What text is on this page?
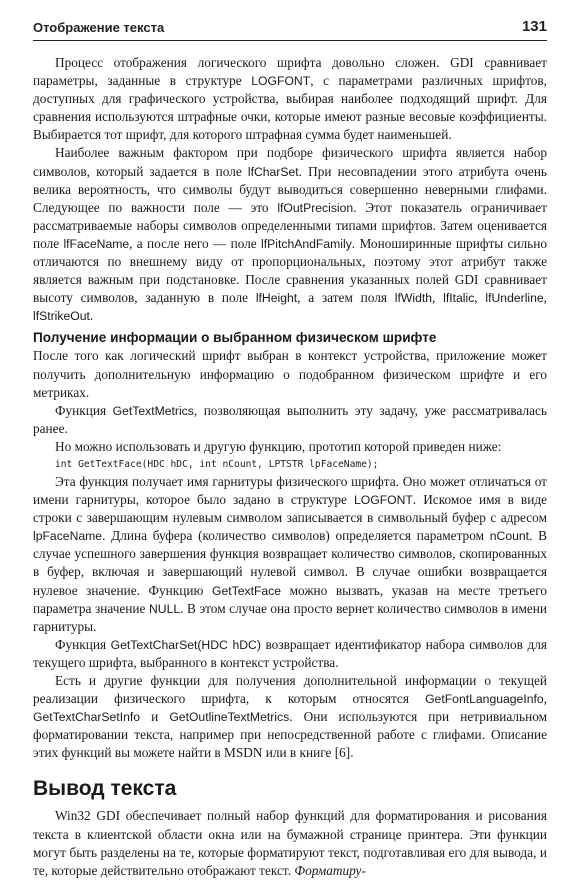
Отображение текста	131

Процесс отображения логического шрифта довольно сложен. GDI сравнивает параметры, заданные в структуре LOGFONT, с параметрами различных шрифтов, доступных для графического устройства, выбирая наиболее подходящий шрифт. Для сравнения используются штрафные очки, которые имеют разные весовые коэффициенты. Выбирается тот шрифт, для которого штрафная сумма будет наименьшей.

Наиболее важным фактором при подборе физического шрифта является набор символов, который задается в поле lfCharSet. При несовпадении этого атрибута очень велика вероятность, что символы будут выводиться совершенно неверными глифами. Следующее по важности поле — это lfOutPrecision. Этот показатель ограничивает рассматриваемые наборы символов определенными типами шрифтов. Затем оценивается поле lfFaceName, а после него — поле lfPitchAndFamily. Моноширинные шрифты сильно отличаются по внешнему виду от пропорциональных, поэтому этот атрибут также является важным при подстановке. После сравнения указанных полей GDI сравнивает высоту символов, заданную в поле lfHeight, а затем поля lfWidth, lfItalic, lfUnderline, lfStrikeOut.

Получение информации о выбранном физическом шрифте

После того как логический шрифт выбран в контекст устройства, приложение может получить дополнительную информацию о подобранном физическом шрифте и его метриках.

Функция GetTextMetrics, позволяющая выполнить эту задачу, уже рассматривалась ранее.

Но можно использовать и другую функцию, прототип которой приведен ниже:

int GetTextFace(HDC hDC, int nCount, LPTSTR lpFaceName);

Эта функция получает имя гарнитуры физического шрифта. Оно может отличаться от имени гарнитуры, которое было задано в структуре LOGFONT. Искомое имя в виде строки с завершающим нулевым символом записывается в символьный буфер с адресом lpFaceName. Длина буфера (количество символов) определяется параметром nCount. В случае успешного завершения функция возвращает количество символов, скопированных в буфер, включая и завершающий нулевой символ. В случае ошибки возвращается нулевое значение. Функцию GetTextFace можно вызвать, указав на месте третьего параметра значение NULL. В этом случае она просто вернет количество символов в имени гарнитуры.

Функция GetTextCharSet(HDC hDC) возвращает идентификатор набора символов для текущего шрифта, выбранного в контекст устройства.

Есть и другие функции для получения дополнительной информации о текущей реализации физического шрифта, к которым относятся GetFontLanguageInfo, GetTextCharSetInfo и GetOutlineTextMetrics. Они используются при нетривиальном форматировании текста, например при непосредственной работе с глифами. Описание этих функций вы можете найти в MSDN или в книге [6].

Вывод текста

Win32 GDI обеспечивает полный набор функций для форматирования и рисования текста в клиентской области окна или на бумажной странице принтера. Эти функции могут быть разделены на те, которые форматируют текст, подготавливая его для вывода, и те, которые действительно отображают текст. Форматиру-
